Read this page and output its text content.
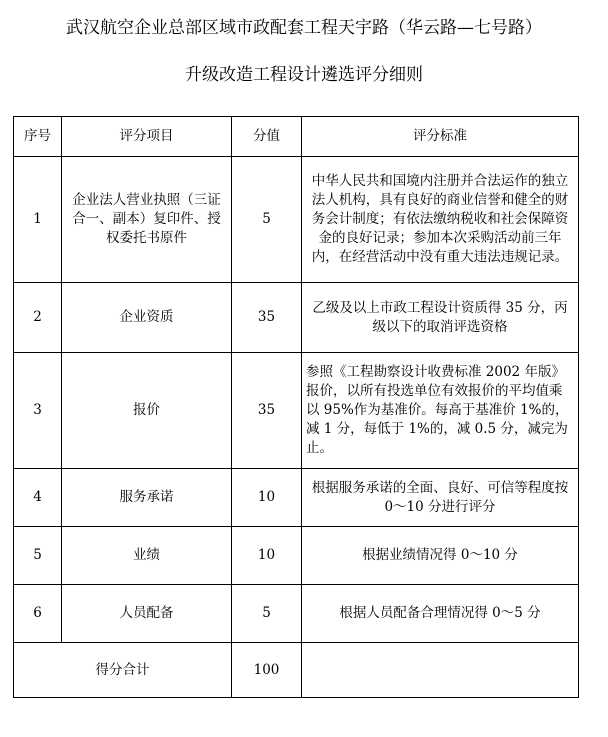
武汉航空企业总部区域市政配套工程天宇路（华云路—七号路）
升级改造工程设计遴选评分细则
序号	评分项目	分值	评分标准
1	企业法人营业执照（三证合一、副本）复印件、授权委托书原件	5	中华人民共和国境内注册并合法运作的独立法人机构，具有良好的商业信誉和健全的财务会计制度；有依法缴纳税收和社会保障资金的良好记录；参加本次采购活动前三年内，在经营活动中没有重大违法违规记录。
2	企业资质	35	乙级及以上市政工程设计资质得 35 分，丙级以下的取消评选资格
3	报价	35	参照《工程勘察设计收费标准 2002 年版》报价，以所有投选单位有效报价的平均值乘以 95%作为基准价。每高于基准价 1%的，减 1 分，每低于 1%的，减 0.5 分，减完为止。
4	服务承诺	10	根据服务承诺的全面、良好、可信等程度按 0～10 分进行评分
5	业绩	10	根据业绩情况得 0～10 分
6	人员配备	5	根据人员配备合理情况得 0～5 分
得分合计		100	
